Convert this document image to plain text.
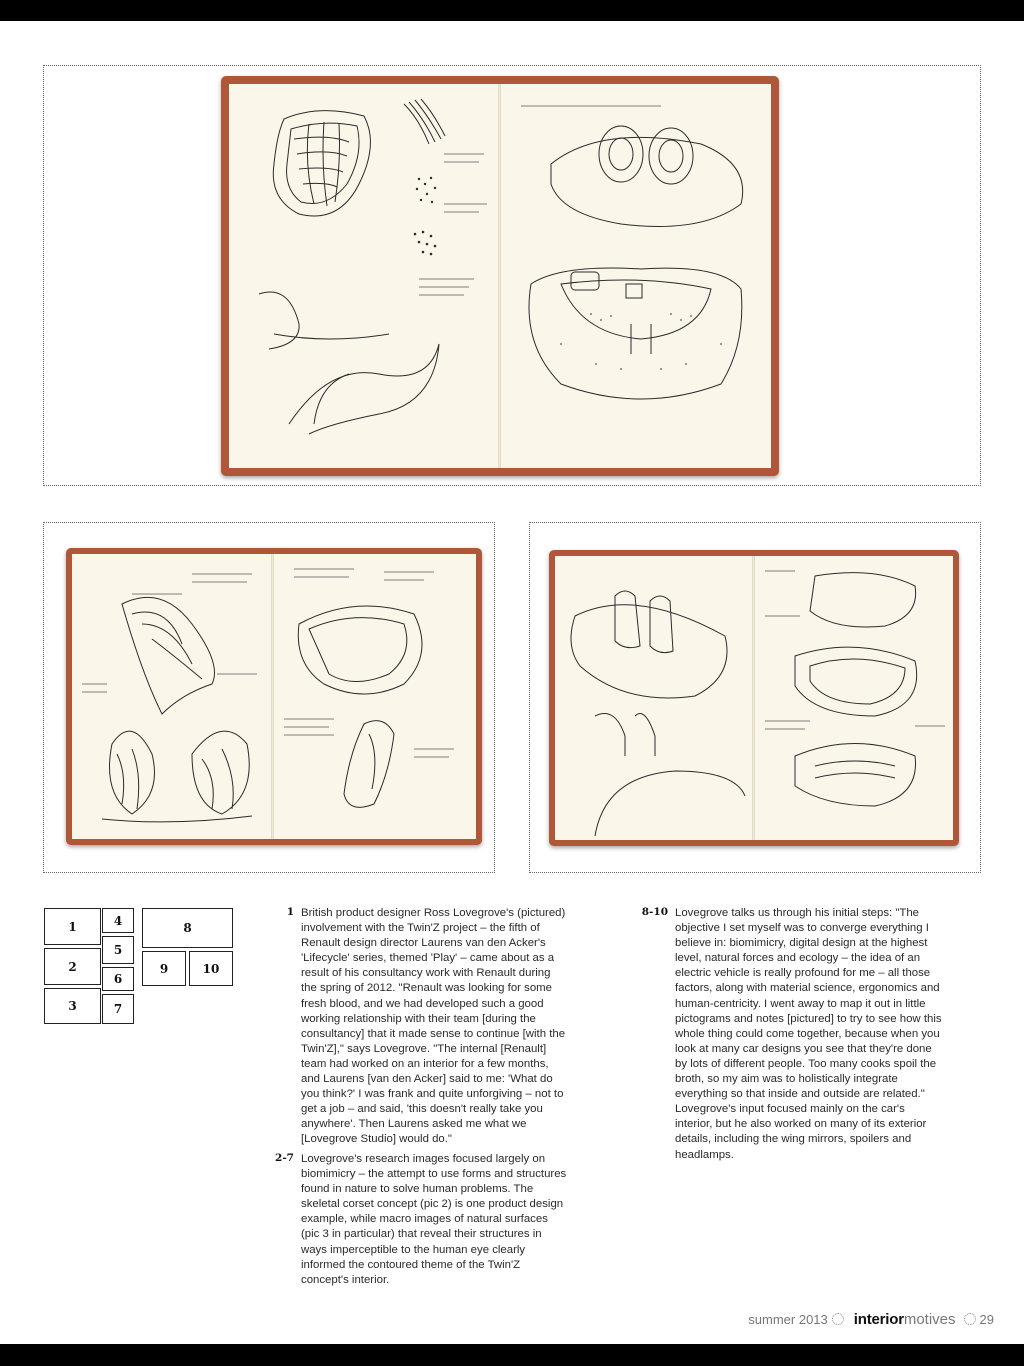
1
2
3
4
5
6
7
8
9	10
1 British product designer Ross Lovegrove's (pictured) involvement with the Twin'Z project – the fifth of Renault design director Laurens van den Acker's 'Lifecycle' series, themed 'Play' – came about as a result of his consultancy work with Renault during the spring of 2012. "Renault was looking for some fresh blood, and we had developed such a good working relationship with their team [during the consultancy] that it made sense to continue [with the Twin'Z]," says Lovegrove. "The internal [Renault] team had worked on an interior for a few months, and Laurens [van den Acker] said to me: 'What do you think?' I was frank and quite unforgiving – not to get a job – and said, 'this doesn't really take you anywhere'. Then Laurens asked me what we [Lovegrove Studio] would do."

2-7 Lovegrove's research images focused largely on biomimicry – the attempt to use forms and structures found in nature to solve human problems. The skeletal corset concept (pic 2) is one product design example, while macro images of natural surfaces (pic 3 in particular) that reveal their structures in ways imperceptible to the human eye clearly informed the contoured theme of the Twin'Z concept's interior.

8-10 Lovegrove talks us through his initial steps: "The objective I set myself was to converge everything I believe in: biomimicry, digital design at the highest level, natural forces and ecology – the idea of an electric vehicle is really profound for me – all those factors, along with material science, ergonomics and human-centricity. I went away to map it out in little pictograms and notes [pictured] to try to see how this whole thing could come together, because when you look at many car designs you see that they're done by lots of different people. Too many cooks spoil the broth, so my aim was to holistically integrate everything so that inside and outside are related." Lovegrove's input focused mainly on the car's interior, but he also worked on many of its exterior details, including the wing mirrors, spoilers and headlamps.

summer 2013 interior motives 29
